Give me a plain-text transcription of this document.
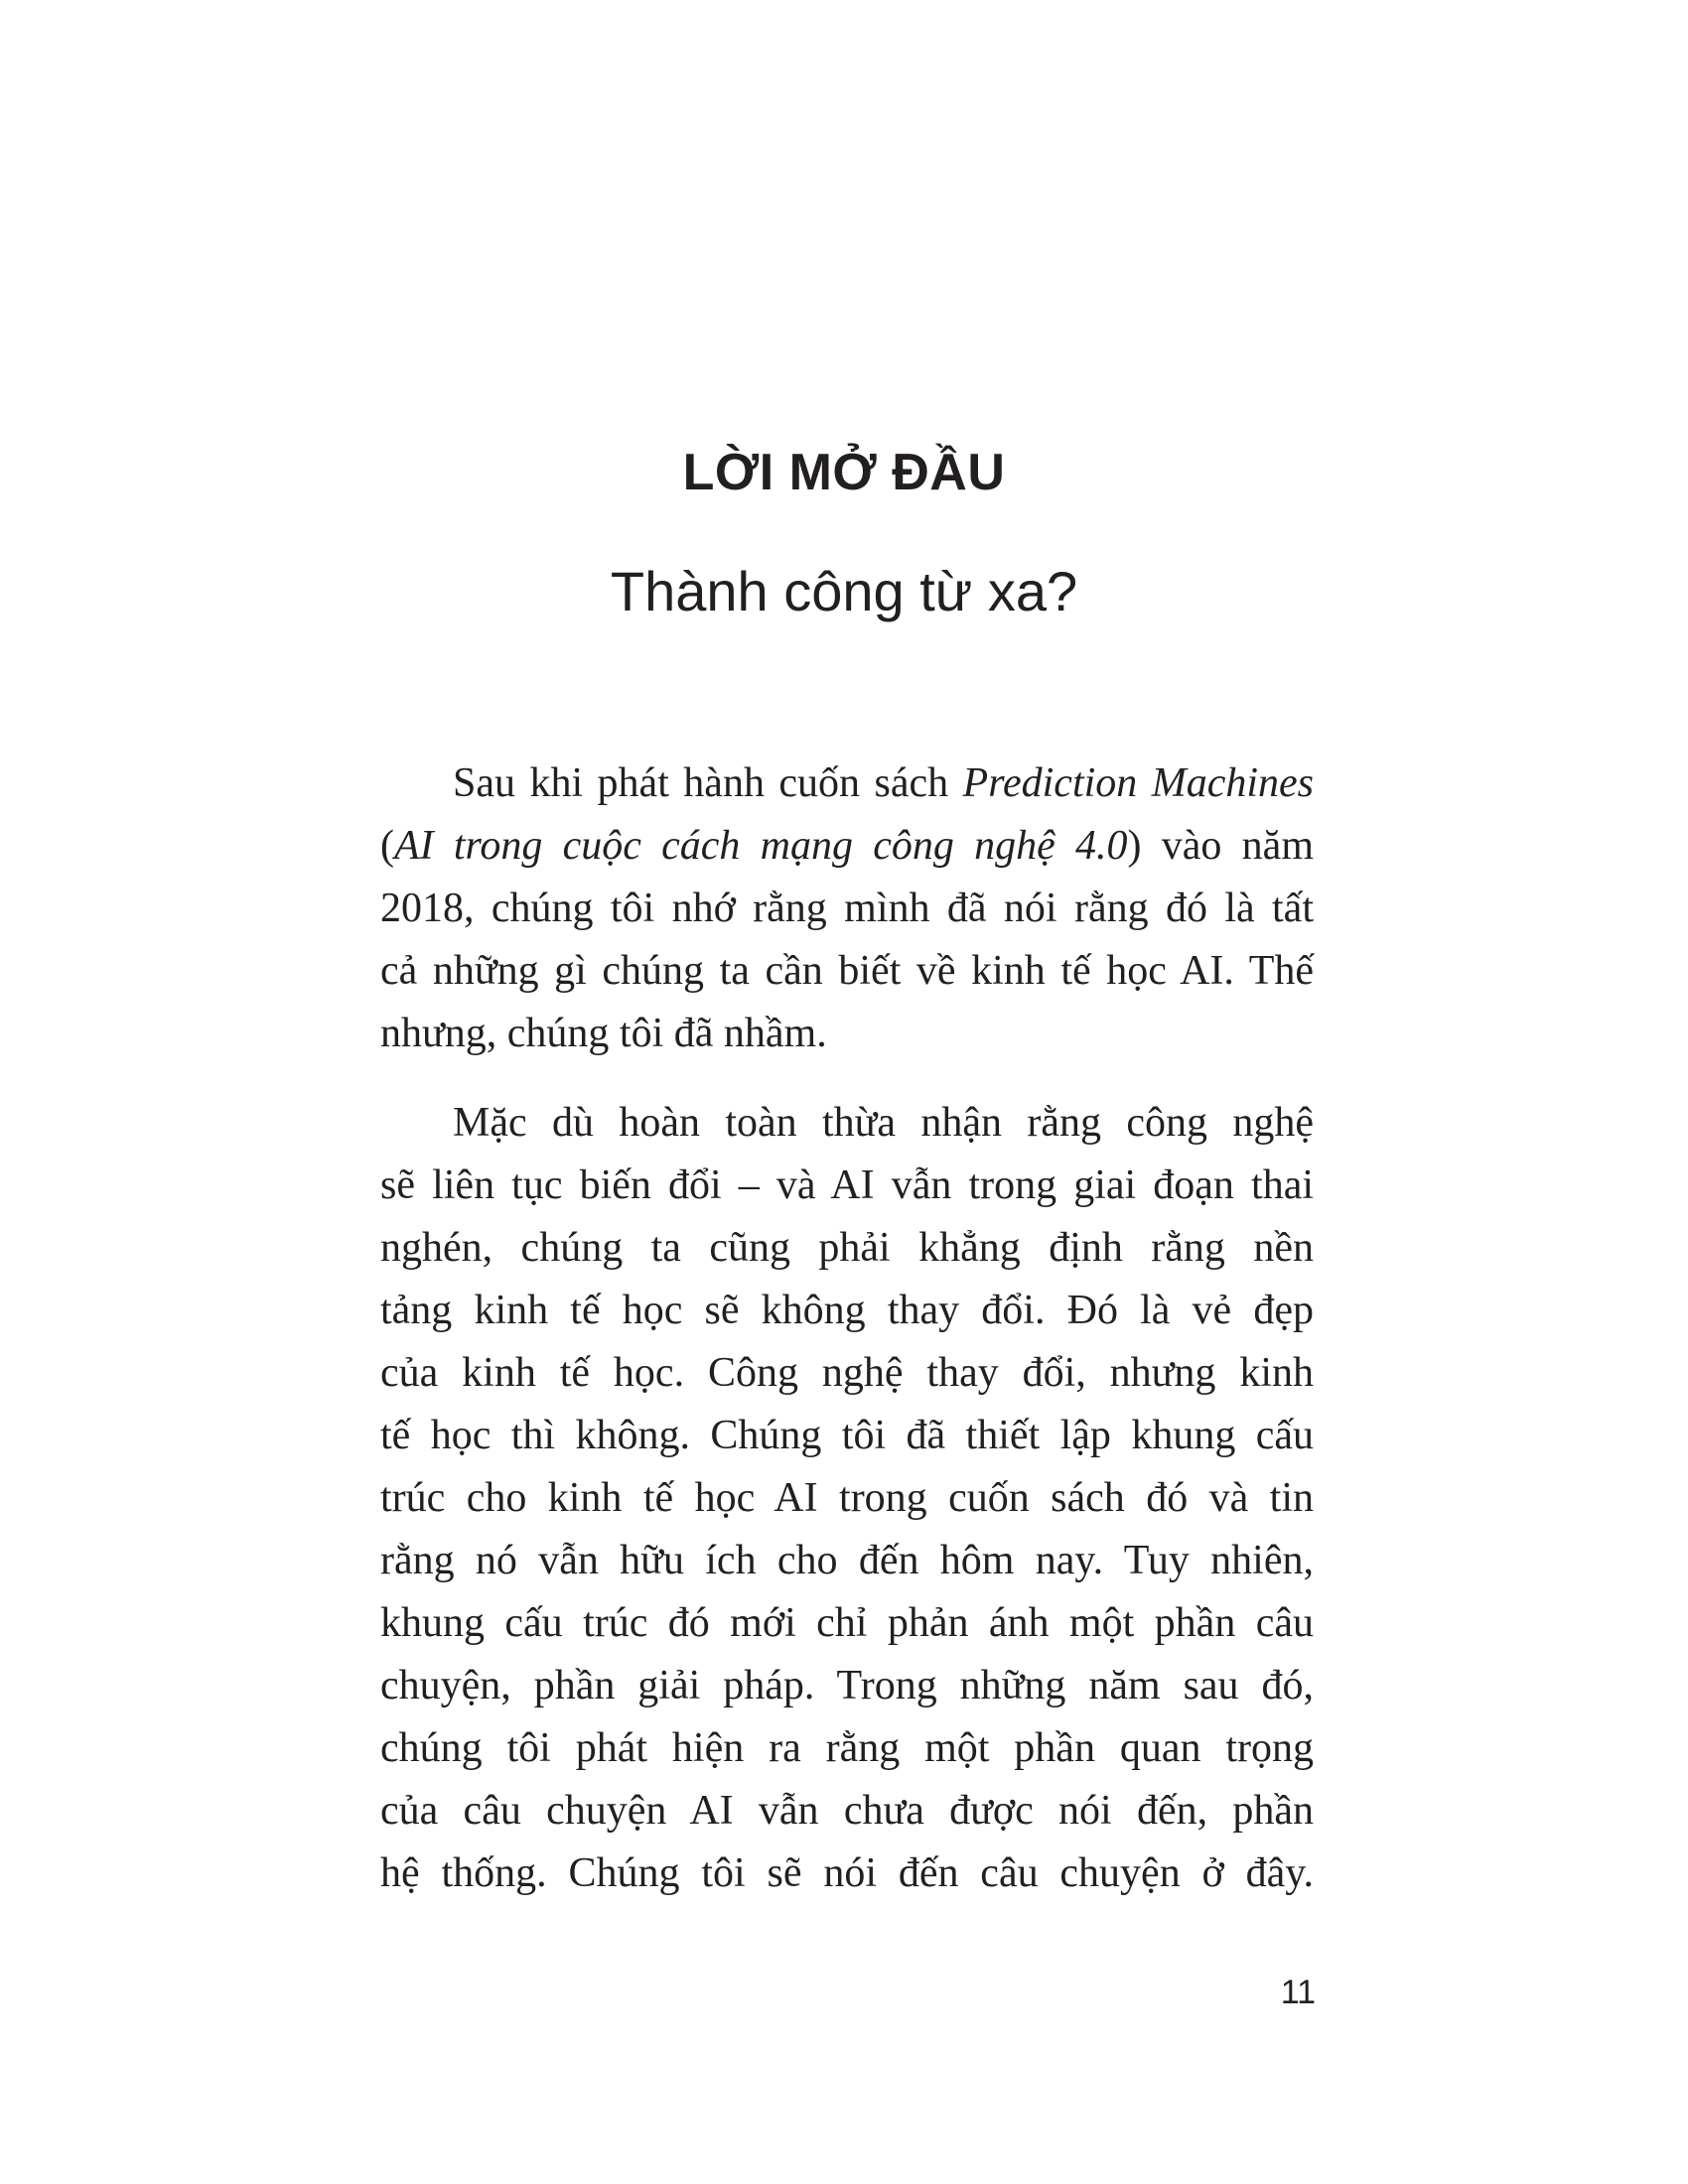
LỜI MỞ ĐẦU
Thành công từ xa?
Sau khi phát hành cuốn sách Prediction Machines
(AI trong cuộc cách mạng công nghệ 4.0) vào năm
2018, chúng tôi nhớ rằng mình đã nói rằng đó là tất
cả những gì chúng ta cần biết về kinh tế học AI. Thế
nhưng, chúng tôi đã nhầm.
Mặc dù hoàn toàn thừa nhận rằng công nghệ
sẽ liên tục biến đổi – và AI vẫn trong giai đoạn thai
nghén, chúng ta cũng phải khẳng định rằng nền
tảng kinh tế học sẽ không thay đổi. Đó là vẻ đẹp
của kinh tế học. Công nghệ thay đổi, nhưng kinh
tế học thì không. Chúng tôi đã thiết lập khung cấu
trúc cho kinh tế học AI trong cuốn sách đó và tin
rằng nó vẫn hữu ích cho đến hôm nay. Tuy nhiên,
khung cấu trúc đó mới chỉ phản ánh một phần câu
chuyện, phần giải pháp. Trong những năm sau đó,
chúng tôi phát hiện ra rằng một phần quan trọng
của câu chuyện AI vẫn chưa được nói đến, phần
hệ thống. Chúng tôi sẽ nói đến câu chuyện ở đây.
11
